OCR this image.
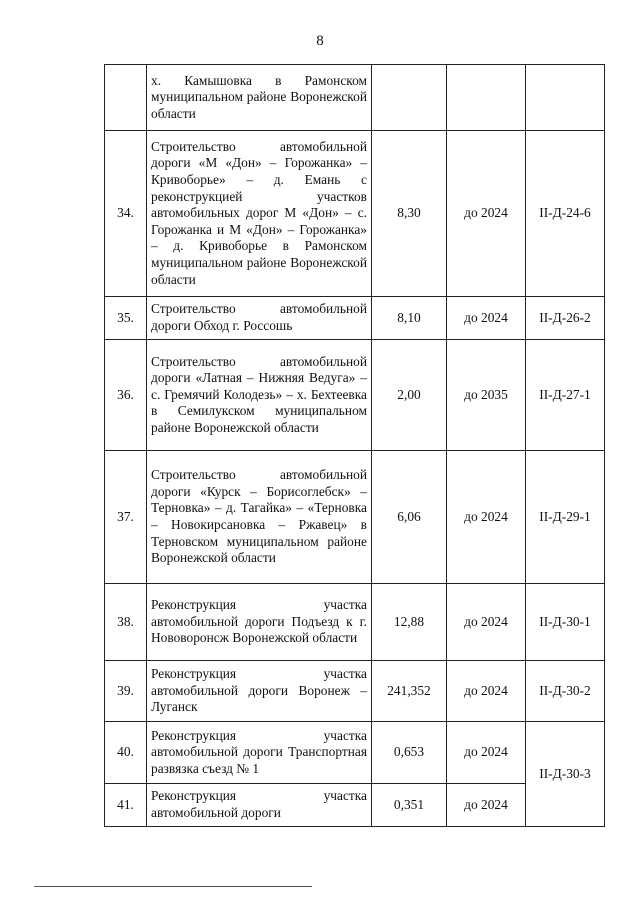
8
	х. Камышовка в Рамонском муниципальном районе Воронежской области			
34.	Строительство автомобильной дороги «М «Дон» – Горожанка» – Кривоборье» – д. Емань с реконструкцией участков автомобильных дорог М «Дон» – с. Горожанка и М «Дон» – Горожанка» – д. Кривоборье в Рамонском муниципальном районе Воронежской области	8,30	до 2024	II-Д-24-6
35.	Строительство автомобильной дороги Обход г. Россошь	8,10	до 2024	II-Д-26-2
36.	Строительство автомобильной дороги «Латная – Нижняя Ведуга» – с. Гремячий Колодезь» – х. Бехтеевка в Семилукском муниципальном районе Воронежской области	2,00	до 2035	II-Д-27-1
37.	Строительство автомобильной дороги «Курск – Борисоглебск» – Терновка» – д. Тагайка» – «Терновка – Новокирсановка – Ржавец» в Терновском муниципальном районе Воронежской области	6,06	до 2024	II-Д-29-1
38.	Реконструкция участка автомобильной дороги Подъезд к г. Нововоронсж Воронежской области	12,88	до 2024	II-Д-30-1
39.	Реконструкция участка автомобильной дороги Воронеж – Луганск	241,352	до 2024	II-Д-30-2
40.	Реконструкция участка автомобильной дороги Транспортная развязка съезд № 1	0,653	до 2024	II-Д-30-3
41.	Реконструкция участка автомобильной дороги	0,351	до 2024	
